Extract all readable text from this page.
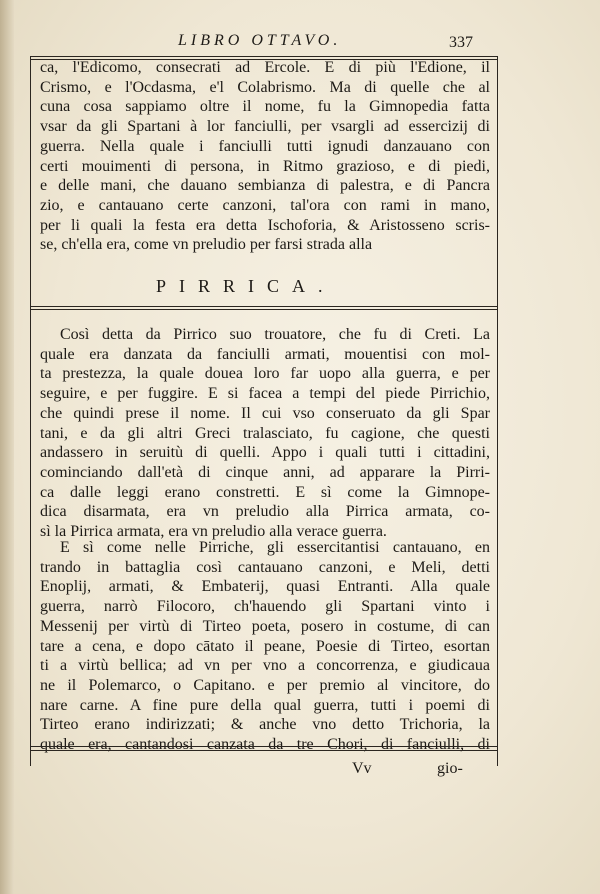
LIBRO OTTAVO.	337
ca, l'Edicomo, consecrati ad Ercole. E di più l'Edione, il
Crismo, e l'Ocdasma, e'l Colabrismo. Ma di quelle che al
cuna cosa sappiamo oltre il nome, fu la Gimnopedia fatta
vsar da gli Spartani à lor fanciulli, per vsargli ad essercizij di
guerra. Nella quale i fanciulli tutti ignudi danzauano con
certi mouimenti di persona, in Ritmo grazioso, e di piedi,
e delle mani, che dauano sembianza di palestra, e di Pancra
zio, e cantauano certe canzoni, tal'ora con rami in mano,
per li quali la festa era detta Ischoforia, & Aristosseno scris-
se, ch'ella era, come vn preludio per farsi strada alla
PIRRICA.
Così detta da Pirrico suo trouatore, che fu di Creti. La
quale era danzata da fanciulli armati, mouentisi con mol-
ta prestezza, la quale douea loro far uopo alla guerra, e per
seguire, e per fuggire. E si facea a tempi del piede Pirrichio,
che quindi prese il nome. Il cui vso conseruato da gli Spar
tani, e da gli altri Greci tralasciato, fu cagione, che questi
andassero in seruitù di quelli. Appo i quali tutti i cittadini,
cominciando dall'età di cinque anni, ad apparare la Pirri-
ca dalle leggi erano constretti. E sì come la Gimnope-
dica disarmata, era vn preludio alla Pirrica armata, co-
sì la Pirrica armata, era vn preludio alla verace guerra.
E sì come nelle Pirriche, gli essercitantisi cantauano, en
trando in battaglia così cantauano canzoni, e Meli, detti
Enoplij, armati, & Embaterij, quasi Entranti. Alla quale
guerra, narrò Filocoro, ch'hauendo gli Spartani vinto i
Messenij per virtù di Tirteo poeta, posero in costume, di can
tare a cena, e dopo cātato il peane, Poesie di Tirteo, esortan
ti a virtù bellica; ad vn per vno a concorrenza, e giudicaua
ne il Polemarco, o Capitano. e per premio al vincitore, do
nare carne. A fine pure della qual guerra, tutti i poemi di
Tirteo erano indirizzati; & anche vno detto Trichoria, la
quale era, cantandosi canzata da tre Chori, di fanciulli, di
Vv	gio-
